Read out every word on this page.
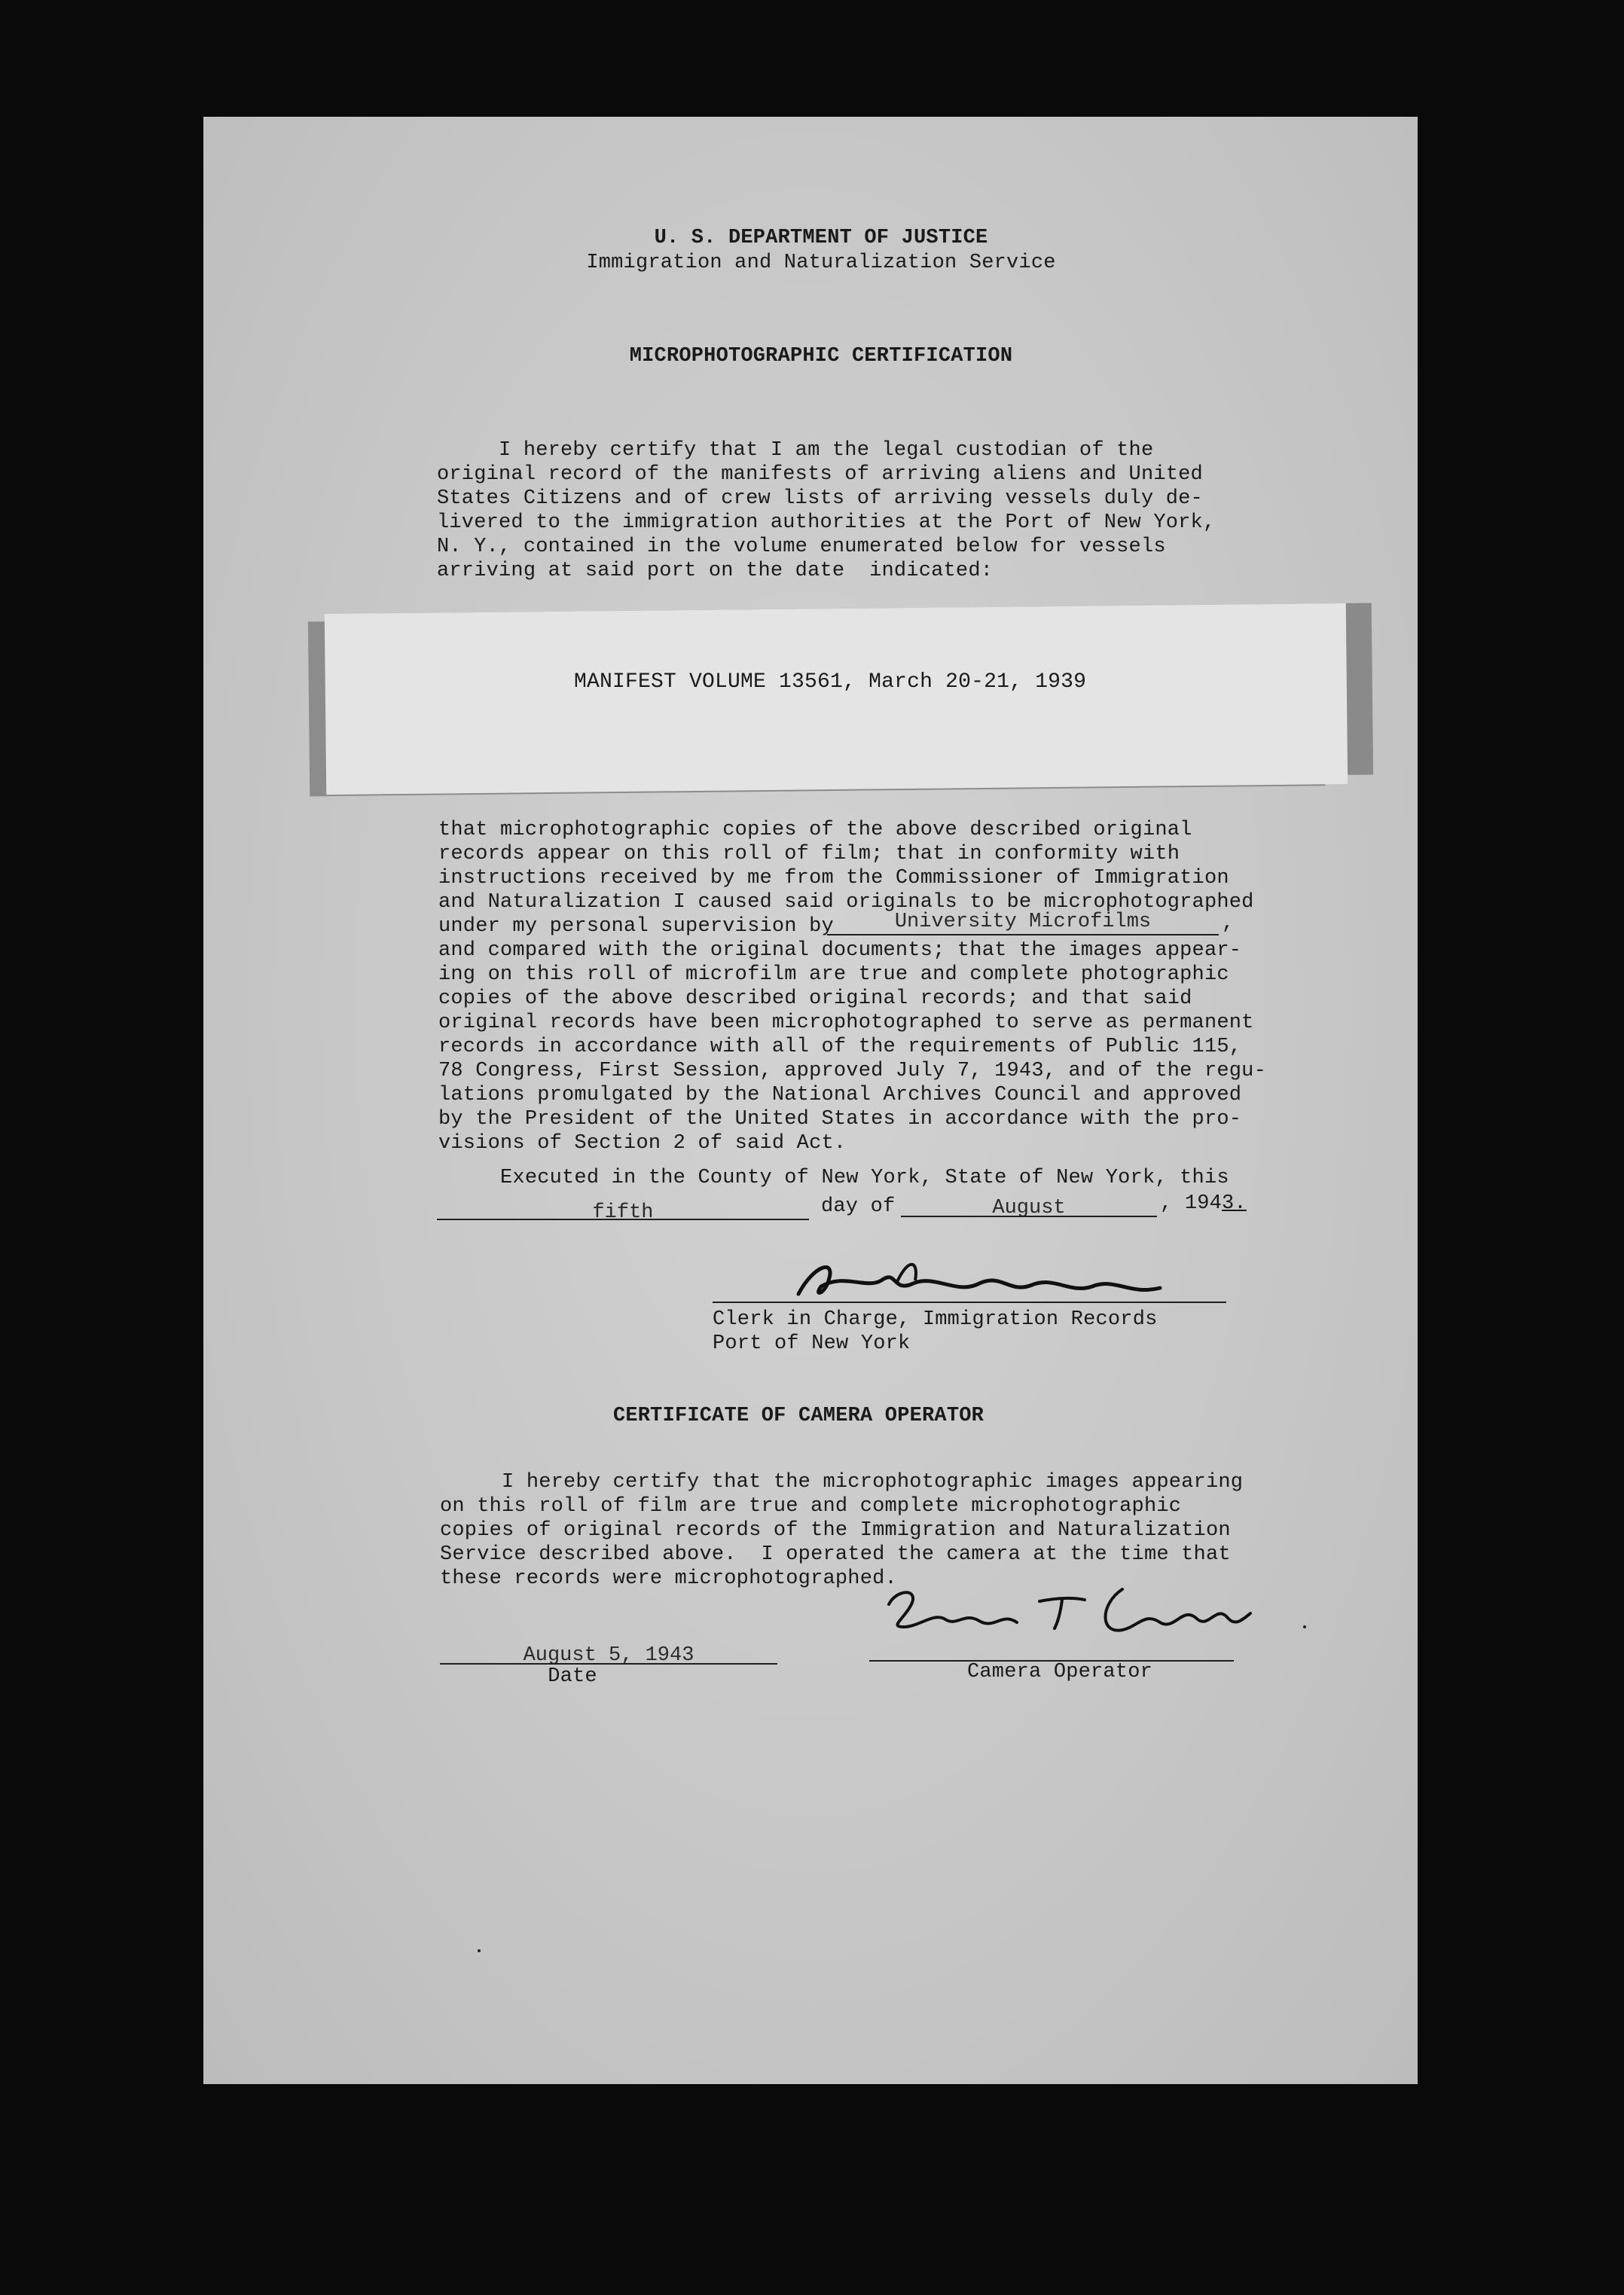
U. S. DEPARTMENT OF JUSTICE
Immigration and Naturalization Service
MICROPHOTOGRAPHIC CERTIFICATION
I hereby certify that I am the legal custodian of the
original record of the manifests of arriving aliens and United
States Citizens and of crew lists of arriving vessels duly de-
livered to the immigration authorities at the Port of New York,
N. Y., contained in the volume enumerated below for vessels
arriving at said port on the date  indicated:
MANIFEST VOLUME 13561, March 20-21, 1939
that microphotographic copies of the above described original
records appear on this roll of film; that in conformity with
instructions received by me from the Commissioner of Immigration
and Naturalization I caused said originals to be microphotographed
under my personal supervision by	University Microfilms	,
and compared with the original documents; that the images appear-
ing on this roll of microfilm are true and complete photographic
copies of the above described original records; and that said
original records have been microphotographed to serve as permanent
records in accordance with all of the requirements of Public 115,
78 Congress, First Session, approved July 7, 1943, and of the regu-
lations promulgated by the National Archives Council and approved
by the President of the United States in accordance with the pro-
visions of Section 2 of said Act.
Executed in the County of New York, State of New York, this
fifth	day of	August	, 1943.
Clerk in Charge, Immigration Records
Port of New York
CERTIFICATE OF CAMERA OPERATOR
I hereby certify that the microphotographic images appearing
on this roll of film are true and complete microphotographic
copies of original records of the Immigration and Naturalization
Service described above.  I operated the camera at the time that
these records were microphotographed.
August 5, 1943
Date	Camera Operator
